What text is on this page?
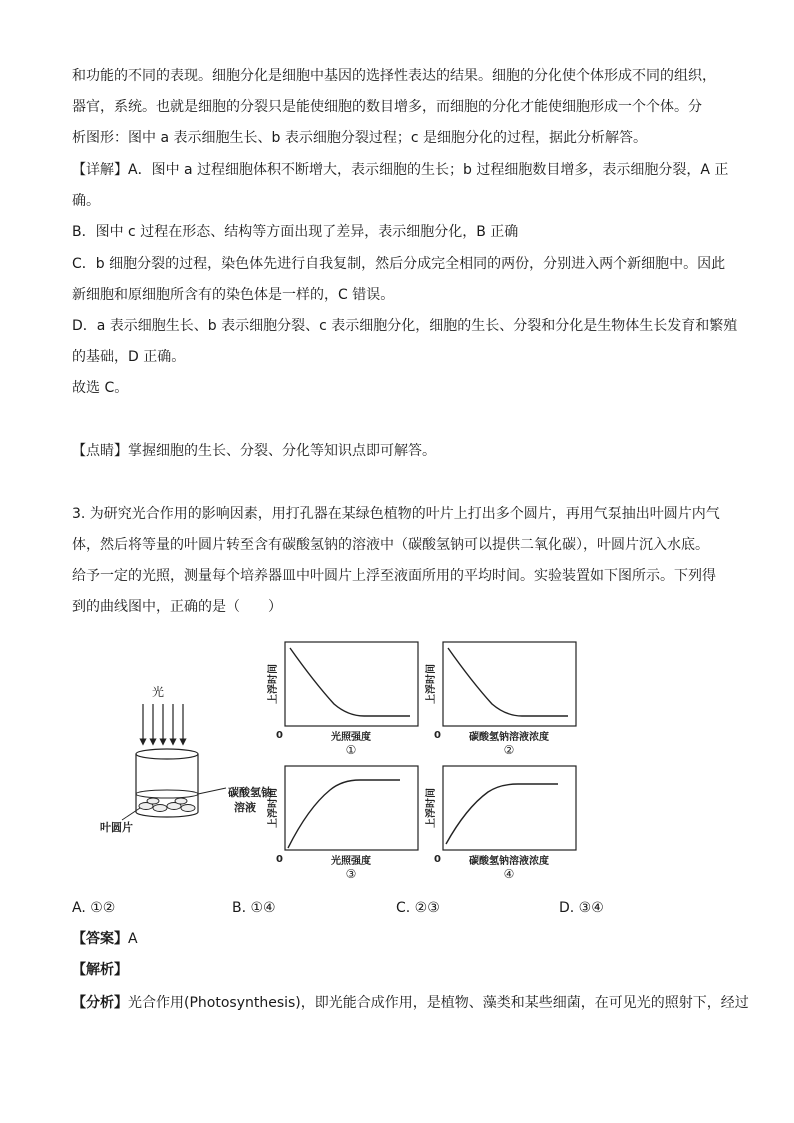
和功能的不同的表现。细胞分化是细胞中基因的选择性表达的结果。细胞的分化使个体形成不同的组织，
器官，系统。也就是细胞的分裂只是能使细胞的数目增多，而细胞的分化才能使细胞形成一个个体。分
析图形：图中 a 表示细胞生长、b 表示细胞分裂过程；c 是细胞分化的过程，据此分析解答。
【详解】A．图中 a 过程细胞体积不断增大，表示细胞的生长；b 过程细胞数目增多，表示细胞分裂，A 正
确。
B．图中 c 过程在形态、结构等方面出现了差异，表示细胞分化，B 正确
C．b 细胞分裂的过程，染色体先进行自我复制，然后分成完全相同的两份，分别进入两个新细胞中。因此
新细胞和原细胞所含有的染色体是一样的，C 错误。
D．a 表示细胞生长、b 表示细胞分裂、c 表示细胞分化，细胞的生长、分裂和分化是生物体生长发育和繁殖
的基础，D 正确。
故选 C。
【点睛】掌握细胞的生长、分裂、分化等知识点即可解答。
3. 为研究光合作用的影响因素，用打孔器在某绿色植物的叶片上打出多个圆片，再用气泵抽出叶圆片内气
体，然后将等量的叶圆片转至含有碳酸氢钠的溶液中（碳酸氢钠可以提供二氧化碳），叶圆片沉入水底。
给予一定的光照，测量每个培养器皿中叶圆片上浮至液面所用的平均时间。实验装置如下图所示。下列得
到的曲线图中，正确的是（　　）
光
碳酸氢钠
溶液
叶圆片
上浮时间
0	光照强度
①
上浮时间
0	碳酸氢钠溶液浓度
②
上浮时间
0	光照强度
③
上浮时间
0	碳酸氢钠溶液浓度
④
A. ①②	B. ①④	C. ②③	D. ③④
【答案】A
【解析】
【分析】光合作用(Photosynthesis)，即光能合成作用，是植物、藻类和某些细菌，在可见光的照射下，经过
